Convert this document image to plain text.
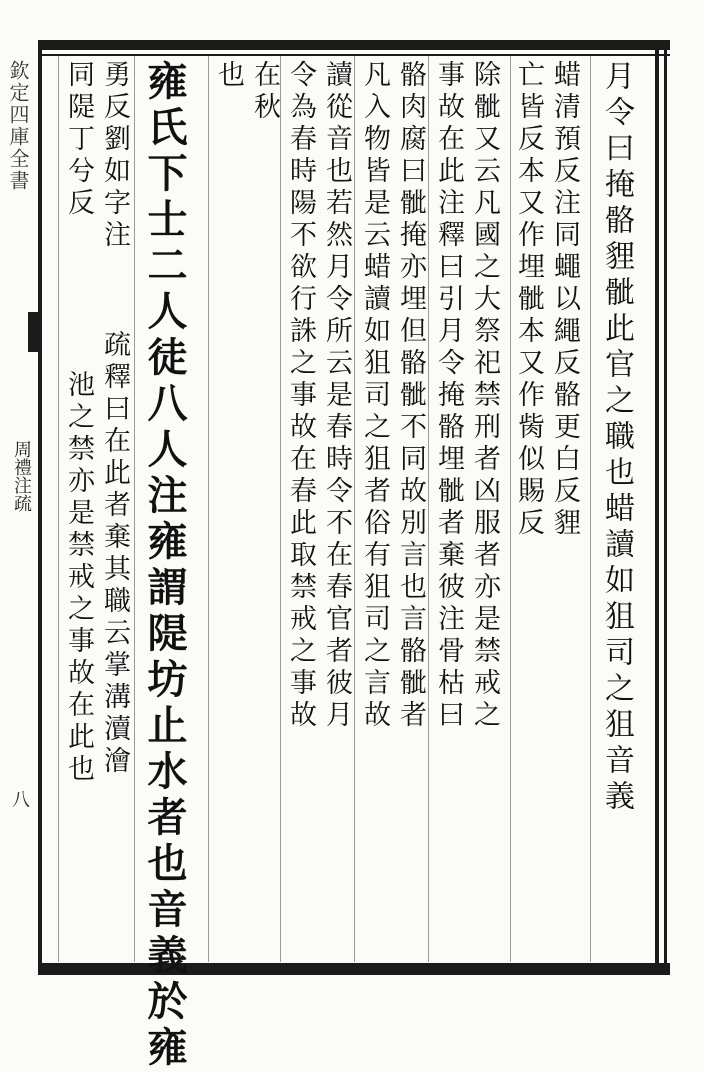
欽定四庫全書
周禮注疏
八	月令曰掩骼貍骴此官之職也蜡讀如狙司之狙音義
蜡清預反注同蠅以繩反骼更白反貍
亡皆反本又作埋骴本又作胔似賜反
除骴又云凡國之大祭祀禁刑者凶服者亦是禁戒之
事故在此注釋曰引月令掩骼埋骴者棄彼注骨枯曰
骼肉腐曰骴掩亦埋但骼骴不同故別言也言骼骴者
凡入物皆是云蜡讀如狙司之狙者俗有狙司之言故
讀從音也若然月令所云是春時令不在春官者彼月
令為春時陽不欲行誅之事故在春此取禁戒之事故
在秋
也
雍氏下士二人徒八人注雍謂隄坊止水者也音義於雍
勇反劉如字注
同隄丁兮反
疏釋曰在此者棄其職云掌溝瀆澮
池之禁亦是禁戒之事故在此也
